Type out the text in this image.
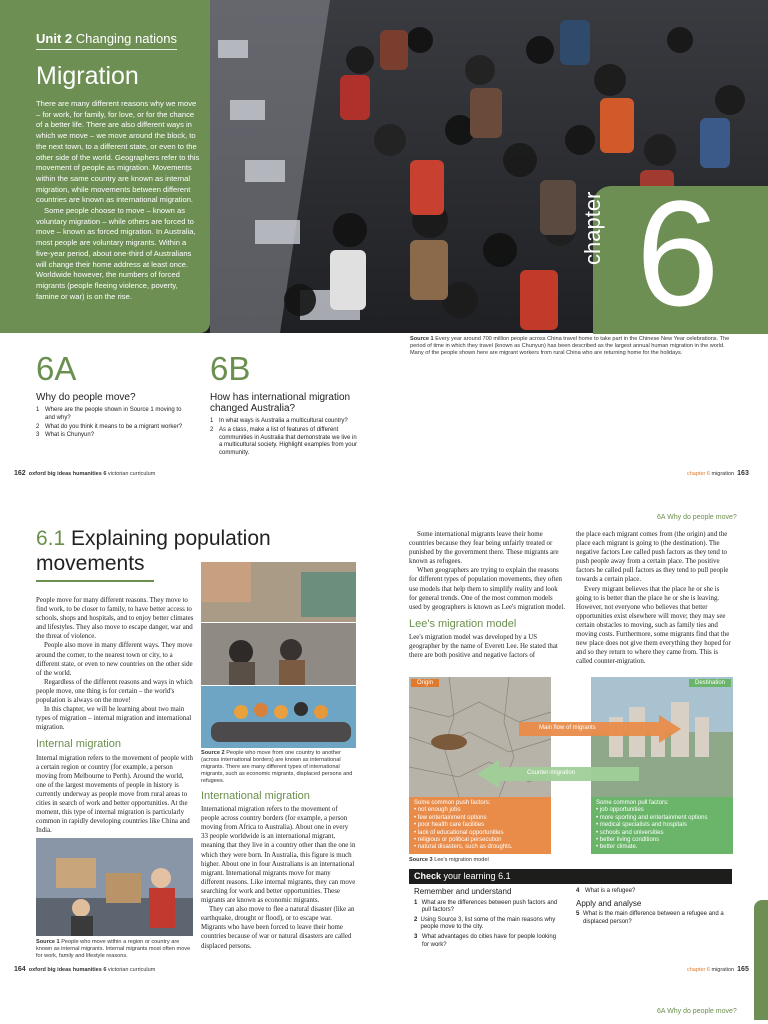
Unit 2 Changing nations
Migration

There are many different reasons why we move – for work, for family, for love, or for the chance of a better life. There are also different ways in which we move – we move around the block, to the next town, to a different state, or even to the other side of the world. Geographers refer to this movement of people as migration. Movements within the same country are known as internal migration, while movements between different countries are known as international migration.

Some people choose to move – known as voluntary migration – while others are forced to move – known as forced migration. In Australia, most people are voluntary migrants. Within a five-year period, about one-third of Australians will change their home address at least once. Worldwide however, the numbers of forced migrants (people fleeing violence, poverty, famine or war) is on the rise.

chapter 6
Source 1 Every year around 700 million people across China travel home to take part in the Chinese New Year celebrations. The period of time in which they travel (known as Chunyun) has been described as the largest annual human migration in the world. Many of the people shown here are migrant workers from rural China who are returning home for the holidays.
6A
Why do people move?
1 Where are the people shown in Source 1 moving to and why?
2 What do you think it means to be a migrant worker?
3 What is Chunyun?
6B
How has international migration changed Australia?
1 In what ways is Australia a multicultural country?
2 As a class, make a list of features of different communities in Australia that demonstrate we live in a multicultural society. Highlight examples from your community.
162 oxford big ideas humanities 6 victorian curriculum	chapter 6 migration 163
6A Why do people move?
6.1 Explaining population movements

People move for many different reasons. They move to find work, to be closer to family, to have better access to schools, shops and hospitals, and to enjoy better climates and lifestyles. They also move to escape danger, war and the threat of violence.

People also move in many different ways. They move around the corner, to the nearest town or city, to a different state, or even to new countries on the other side of the world.

Regardless of the different reasons and ways in which people move, one thing is for certain – the world's population is always on the move!

In this chapter, we will be learning about two main types of migration – internal migration and international migration.

Internal migration

Internal migration refers to the movement of people with a certain region or country (for example, a person moving from Melbourne to Perth). Around the world, one of the largest movements of people in history is currently underway as people move from rural areas to cities in search of work and better opportunities. At the moment, this type of internal migration is particularly common in rapidly developing countries like China and India.

Source 1 People who move within a region or country are known as internal migrants. Internal migrants most often move for work, family and lifestyle reasons.
Source 2 People who move from one country to another (across international borders) are known as international migrants. There are many different types of international migrants, such as economic migrants, displaced persons and refugees.
International migration

International migration refers to the movement of people across country borders (for example, a person moving from Africa to Australia). About one in every 33 people worldwide is an international migrant, meaning that they live in a country other than the one in which they were born. In Australia, this figure is much higher. About one in four Australians is an international migrant. International migrants move for many different reasons. Like internal migrants, they can move searching for work and better opportunities. These migrants are known as economic migrants.

They can also move to flee a natural disaster (like an earthquake, drought or flood), or to escape war. Migrants who have been forced to leave their home countries because of war or natural disasters are called displaced persons.

Some international migrants leave their home countries because they fear being unfairly treated or punished by the government there. These migrants are known as refugees.

When geographers are trying to explain the reasons for different types of population movements, they often use models that help them to simplify reality and look for general trends. One of the most common models used by geographers is known as Lee's migration model.

Lee's migration model

Lee's migration model was developed by a US geographer by the name of Everett Lee. He stated that there are both positive and negative factors of

the place each migrant comes from (the origin) and the place each migrant is going to (the destination). The negative factors Lee called push factors as they tend to push people away from a certain place. The positive factors he called pull factors as they tend to pull people towards a certain place.

Every migrant believes that the place he or she is going to is better than the place he or she is leaving. However, not everyone who believes that better opportunities exist elsewhere will move; they may see certain obstacles to moving, such as family ties and moving costs. Furthermore, some migrants find that the new place does not give them everything they hoped for and so they return to where they came from. This is called counter-migration.

Origin	Destination
Main flow of migrants
Counter-migration
Some common push factors:
• not enough jobs
• few entertainment options
• poor health care facilities
• lack of educational opportunities
• religious or political persecution
• natural disasters, such as droughts.
Some common pull factors:
• job opportunities
• more sporting and entertainment options
• medical specialists and hospitals
• schools and universities
• better living conditions
• better climate.
Source 3 Lee's migration model
Check your learning 6.1
Remember and understand
1 What are the differences between push factors and pull factors?
2 Using Source 3, list some of the main reasons why people move to the city.
3 What advantages do cities have for people looking for work?
4 What is a refugee?
Apply and analyse
5 What is the main difference between a refugee and a displaced person?
164 oxford big ideas humanities 6 victorian curriculum	chapter 6 migration 165
6A Why do people move?
